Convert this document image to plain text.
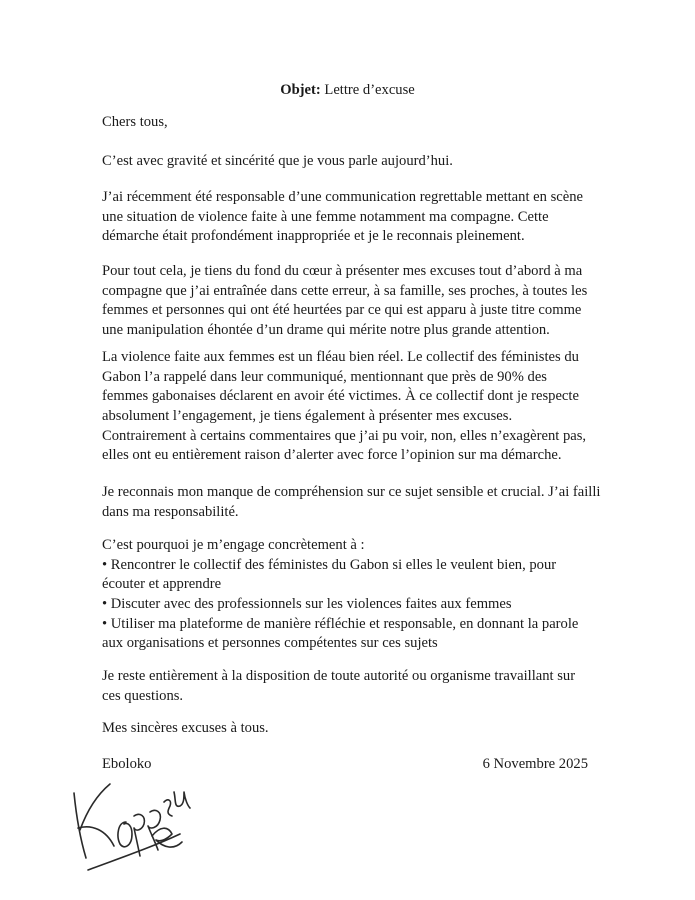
Objet: Lettre d’excuse
Chers tous,
C’est avec gravité et sincérité que je vous parle aujourd’hui.
J’ai récemment été responsable d’une communication regrettable mettant en scène
une situation de violence faite à une femme notamment ma compagne. Cette
démarche était profondément inappropriée et je le reconnais pleinement.
Pour tout cela, je tiens du fond du cœur à présenter mes excuses tout d’abord à ma
compagne que j’ai entraînée dans cette erreur, à sa famille, ses proches, à toutes les
femmes et personnes qui ont été heurtées par ce qui est apparu à juste titre comme
une manipulation éhontée d’un drame qui mérite notre plus grande attention.
La violence faite aux femmes est un fléau bien réel. Le collectif des féministes du
Gabon l’a rappelé dans leur communiqué, mentionnant que près de 90% des
femmes gabonaises déclarent en avoir été victimes. À ce collectif dont je respecte
absolument l’engagement, je tiens également à présenter mes excuses.
Contrairement à certains commentaires que j’ai pu voir, non, elles n’exagèrent pas,
elles ont eu entièrement raison d’alerter avec force l’opinion sur ma démarche.
Je reconnais mon manque de compréhension sur ce sujet sensible et crucial. J’ai failli
dans ma responsabilité.
C’est pourquoi je m’engage concrètement à :
• Rencontrer le collectif des féministes du Gabon si elles le veulent bien, pour
écouter et apprendre
• Discuter avec des professionnels sur les violences faites aux femmes
• Utiliser ma plateforme de manière réfléchie et responsable, en donnant la parole
aux organisations et personnes compétentes sur ces sujets
Je reste entièrement à la disposition de toute autorité ou organisme travaillant sur
ces questions.
Mes sincères excuses à tous.
Eboloko	6 Novembre 2025
